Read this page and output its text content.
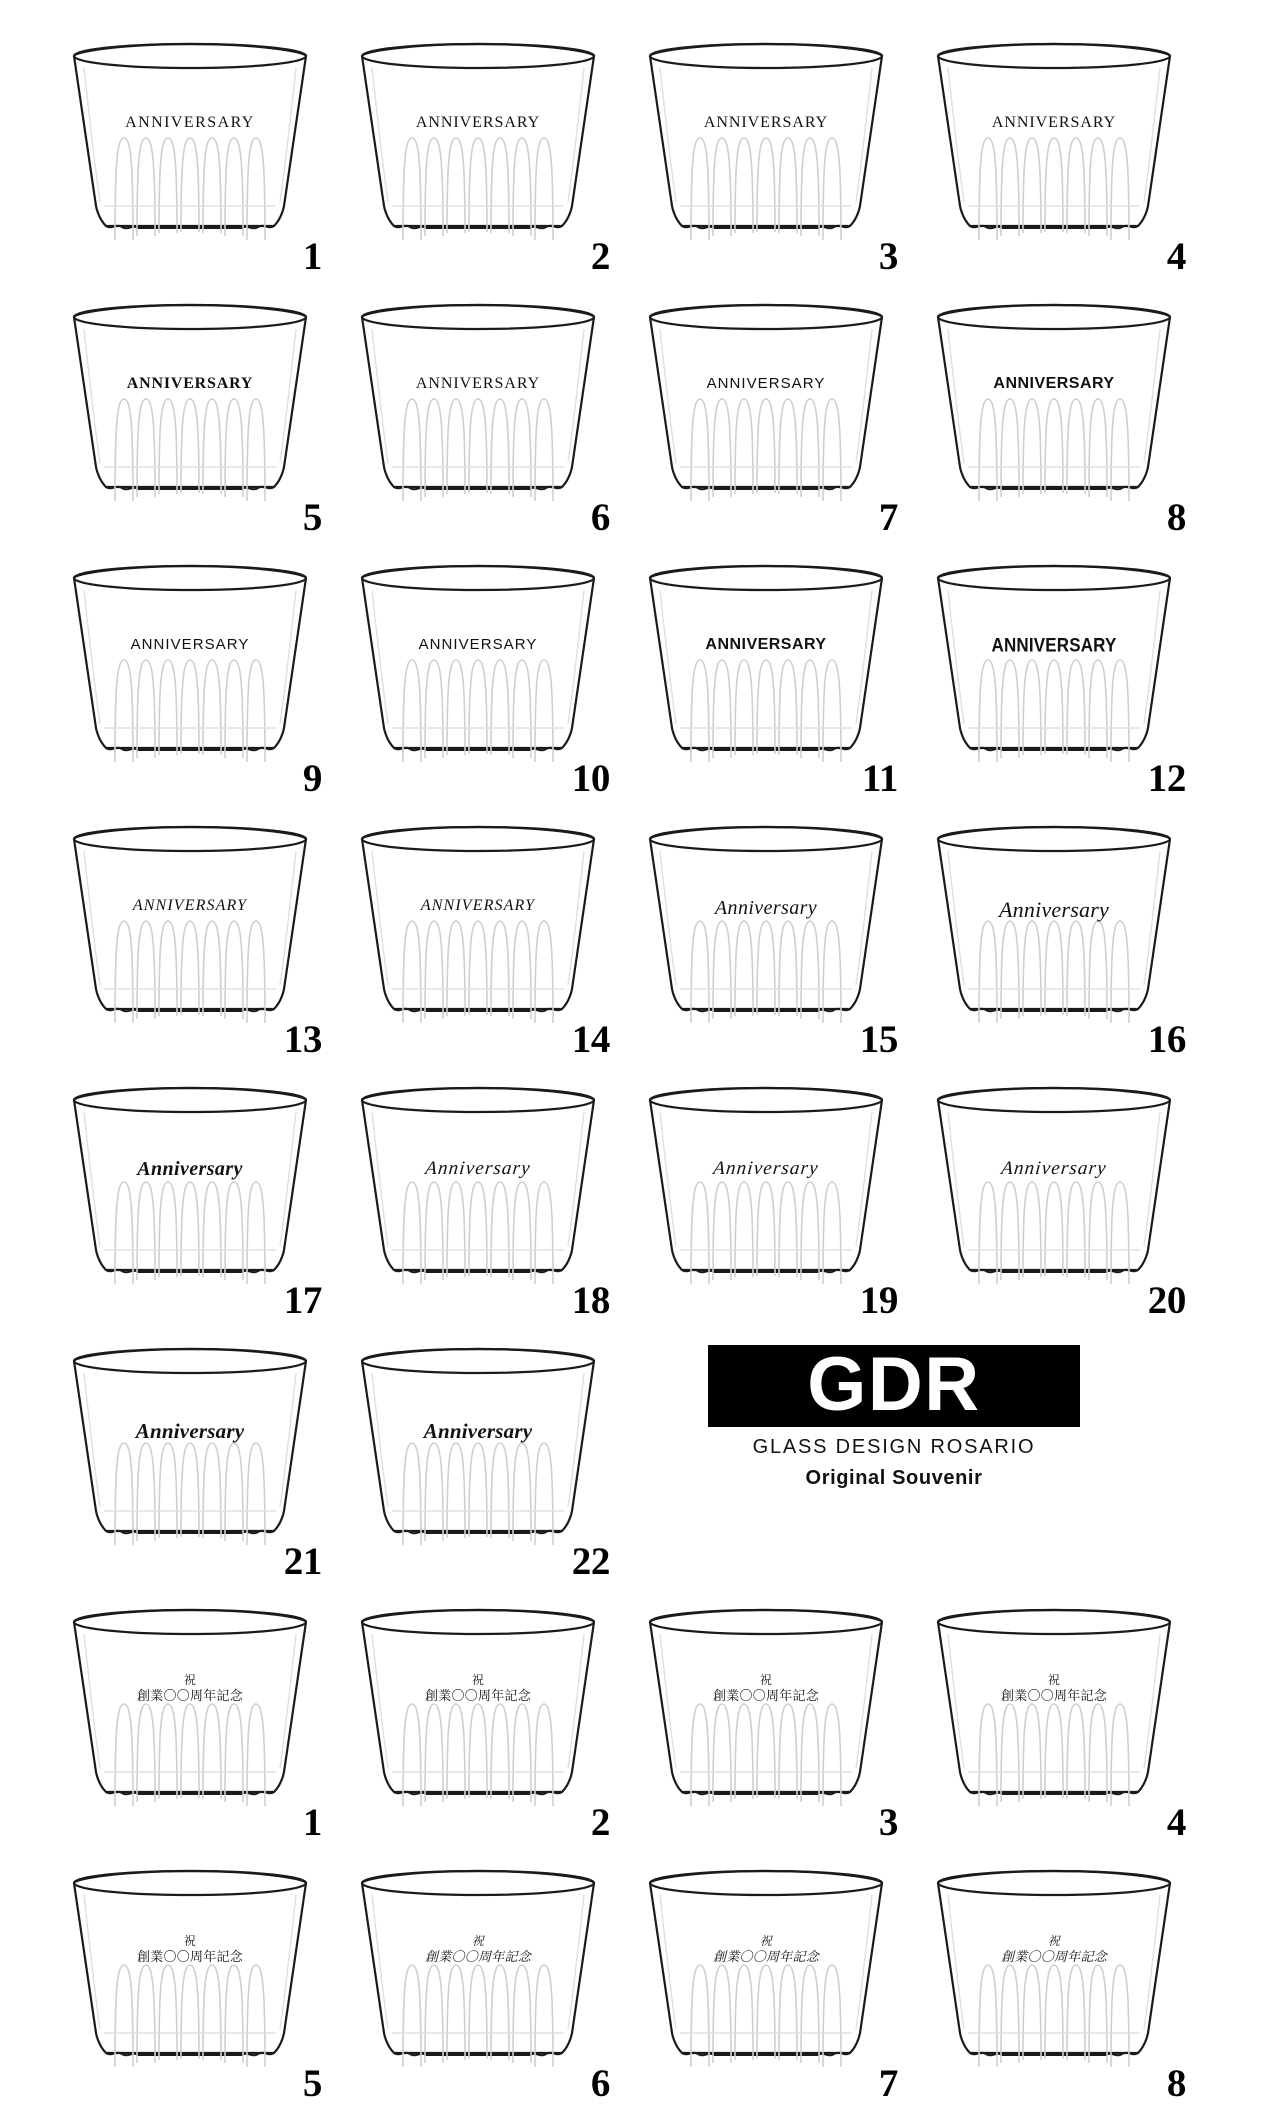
ANNIVERSARY
1
ANNIVERSARY
2
ANNIVERSARY
3
ANNIVERSARY
4
ANNIVERSARY
5
ANNIVERSARY
6
ANNIVERSARY
7
ANNIVERSARY
8
ANNIVERSARY
9
ANNIVERSARY
10
ANNIVERSARY
11
ANNIVERSARY
12
ANNIVERSARY
13
ANNIVERSARY
14
Anniversary
15
Anniversary
16
Anniversary
17
Anniversary
18
Anniversary
19
Anniversary
20
Anniversary
21
Anniversary
22
祝
創業〇〇周年記念
1
祝
創業〇〇周年記念
2
祝
創業〇〇周年記念
3
祝
創業〇〇周年記念
4
祝
創業〇〇周年記念
5
祝
創業〇〇周年記念
6
祝
創業〇〇周年記念
7
祝
創業〇〇周年記念
8
GDR
GLASS DESIGN ROSARIO
Original Souvenir
